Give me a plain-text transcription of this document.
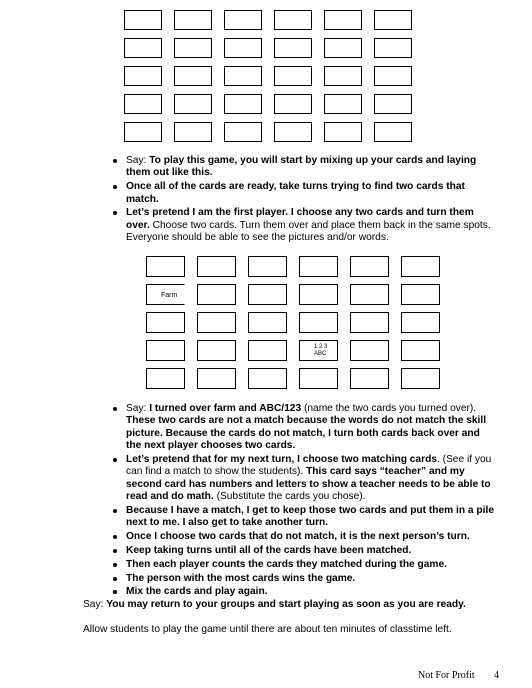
Say: To play this game, you will start by mixing up your cards and laying them out like this.
Once all of the cards are ready, take turns trying to find two cards that match.
Let’s pretend I am the first player. I choose any two cards and turn them over. Choose two cards. Turn them over and place them back in the same spots. Everyone should be able to see the pictures and/or words.
Farm
1 2 3
ABC
Say: I turned over farm and ABC/123 (name the two cards you turned over). These two cards are not a match because the words do not match the skill picture. Because the cards do not match, I turn both cards back over and the next player chooses two cards.
Let’s pretend that for my next turn, I choose two matching cards. (See if you can find a match to show the students). This card says “teacher” and my second card has numbers and letters to show a teacher needs to be able to read and do math. (Substitute the cards you chose).
Because I have a match, I get to keep those two cards and put them in a pile next to me. I also get to take another turn.
Once I choose two cards that do not match, it is the next person’s turn.
Keep taking turns until all of the cards have been matched.
Then each player counts the cards they matched during the game.
The person with the most cards wins the game.
Mix the cards and play again.

Say: You may return to your groups and start playing as soon as you are ready.

Allow students to play the game until there are about ten minutes of classtime left.

Not For Profit 4
